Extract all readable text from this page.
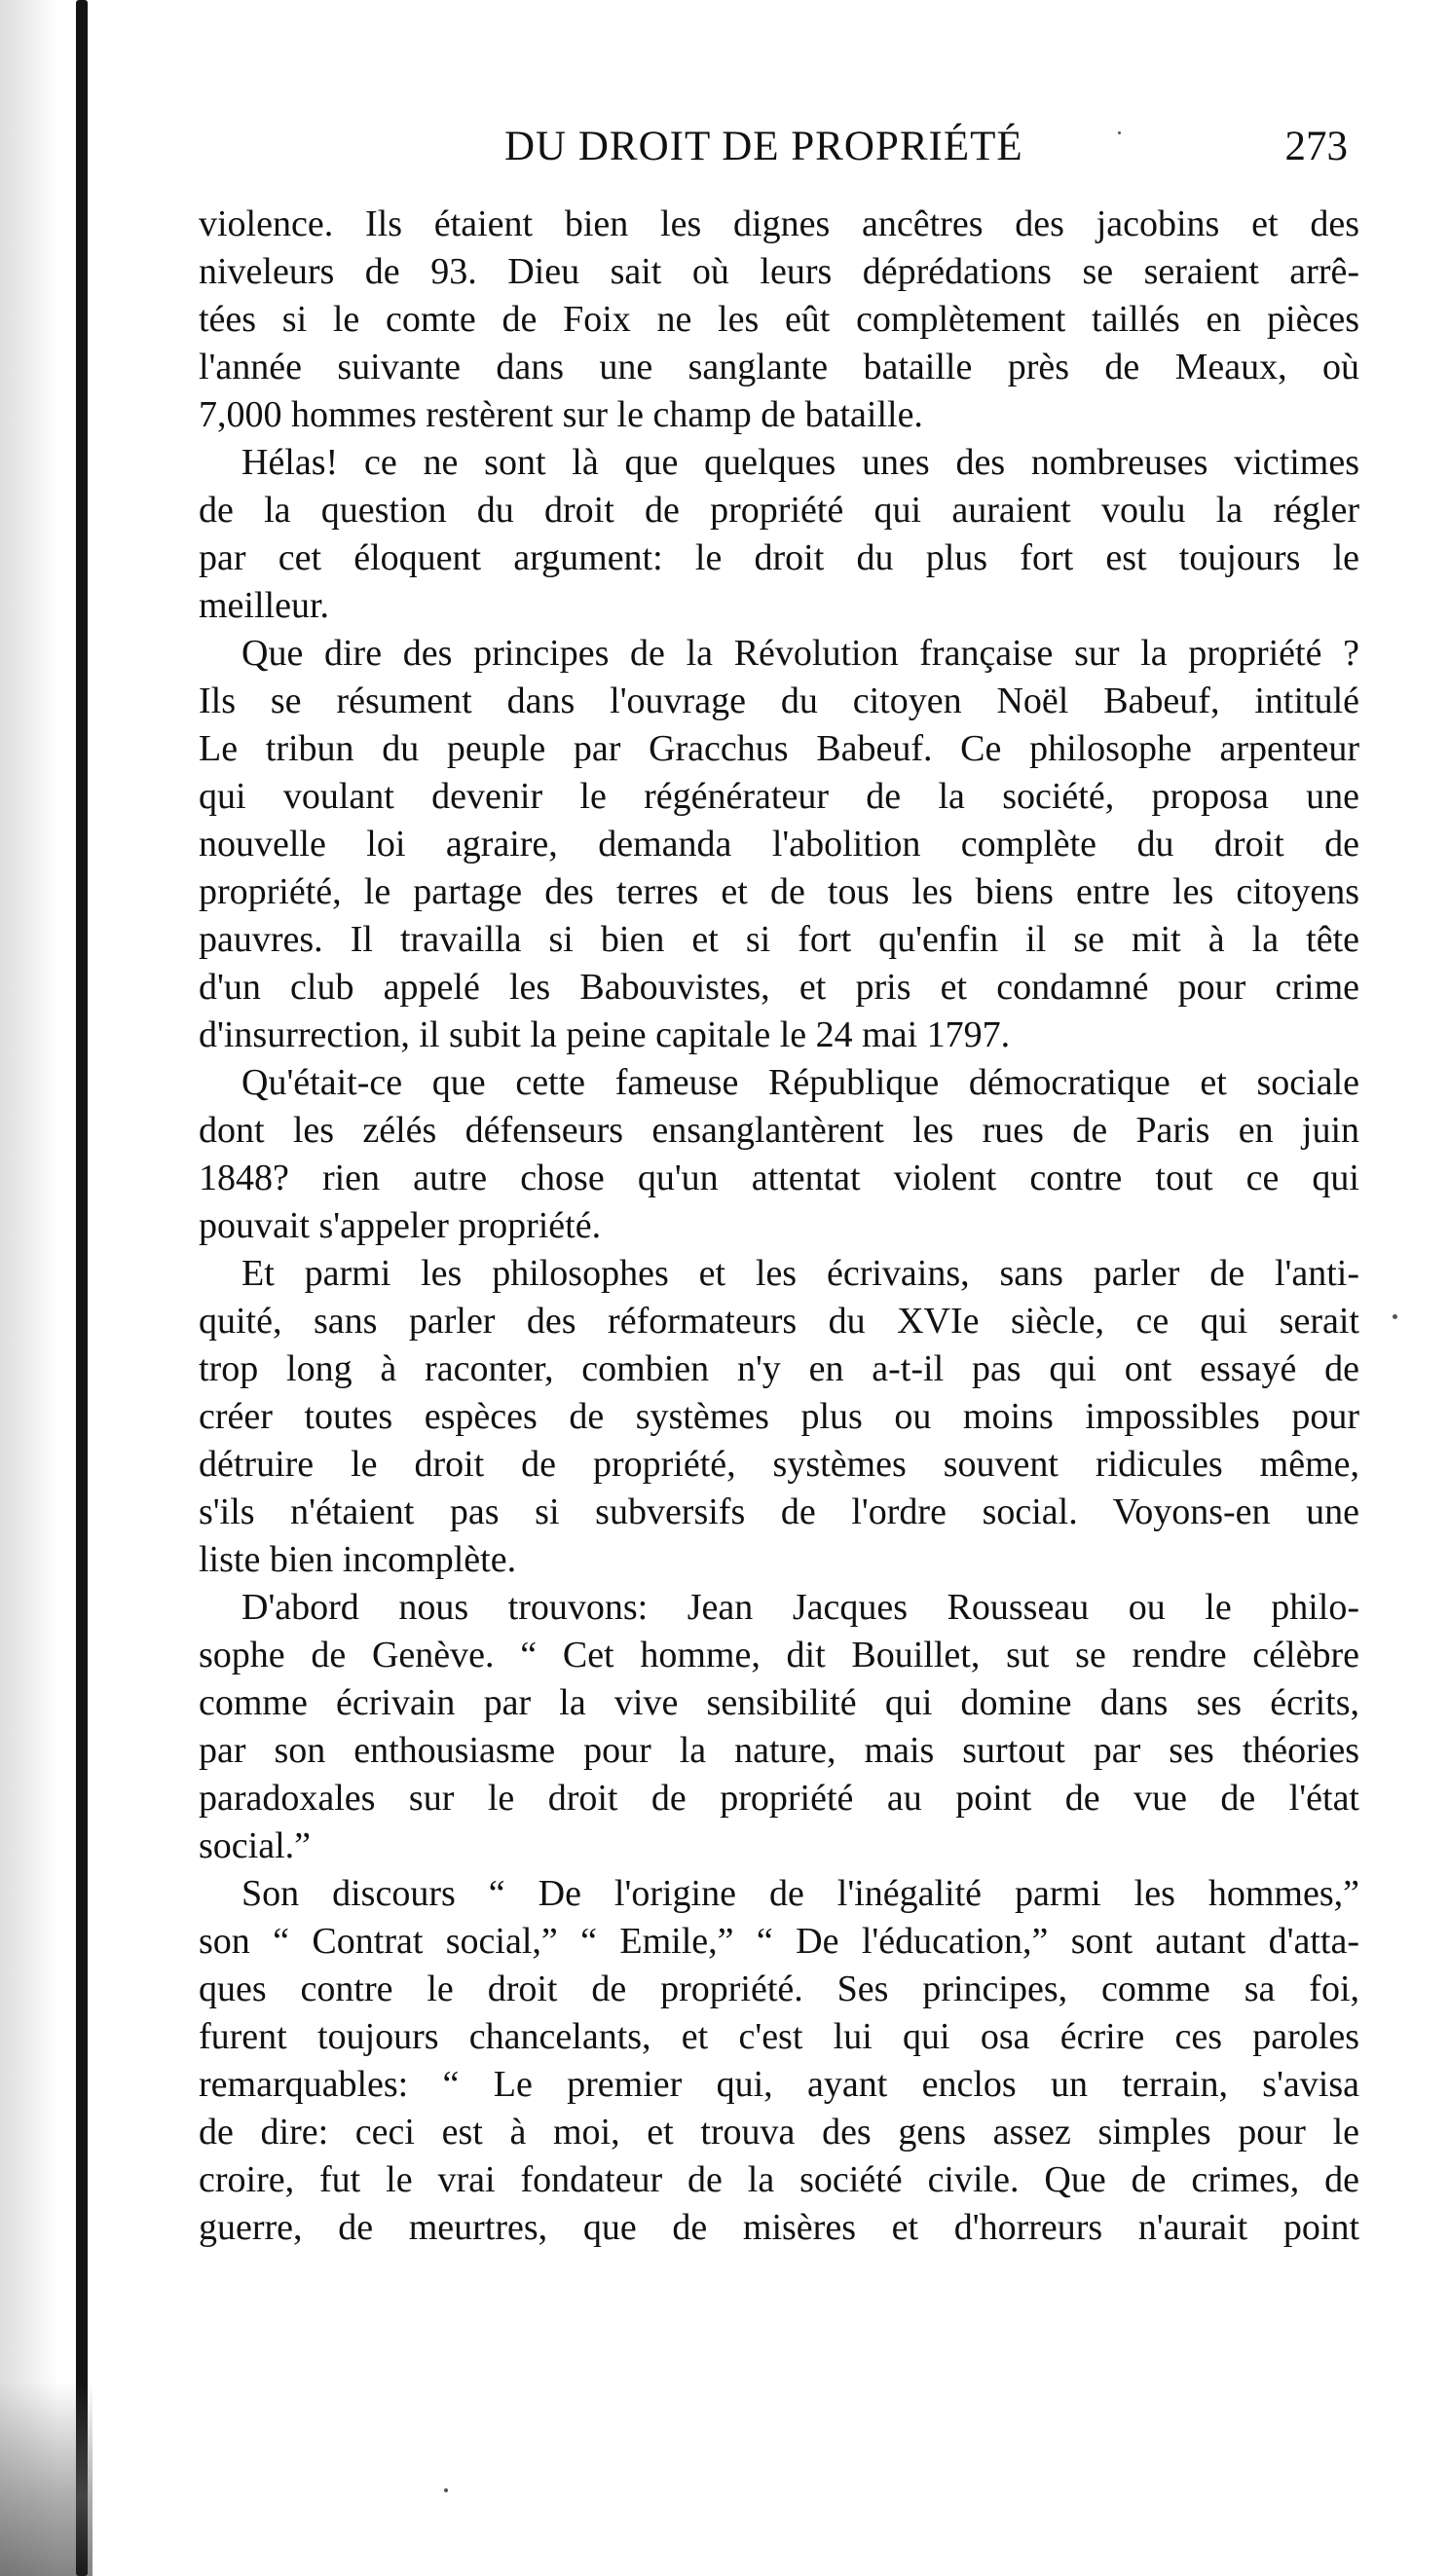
DU DROIT DE PROPRIÉTÉ	273
violence. Ils étaient bien les dignes ancêtres des jacobins et des
niveleurs de 93. Dieu sait où leurs déprédations se seraient arrê-
tées si le comte de Foix ne les eût complètement taillés en pièces
l'année suivante dans une sanglante bataille près de Meaux, où
7,000 hommes restèrent sur le champ de bataille.
Hélas! ce ne sont là que quelques unes des nombreuses victimes
de la question du droit de propriété qui auraient voulu la régler
par cet éloquent argument: le droit du plus fort est toujours le
meilleur.
Que dire des principes de la Révolution française sur la propriété ?
Ils se résument dans l'ouvrage du citoyen Noël Babeuf, intitulé
Le tribun du peuple par Gracchus Babeuf. Ce philosophe arpenteur
qui voulant devenir le régénérateur de la société, proposa une
nouvelle loi agraire, demanda l'abolition complète du droit de
propriété, le partage des terres et de tous les biens entre les citoyens
pauvres. Il travailla si bien et si fort qu'enfin il se mit à la tête
d'un club appelé les Babouvistes, et pris et condamné pour crime
d'insurrection, il subit la peine capitale le 24 mai 1797.
Qu'était-ce que cette fameuse République démocratique et sociale
dont les zélés défenseurs ensanglantèrent les rues de Paris en juin
1848? rien autre chose qu'un attentat violent contre tout ce qui
pouvait s'appeler propriété.
Et parmi les philosophes et les écrivains, sans parler de l'anti-
quité, sans parler des réformateurs du XVIe siècle, ce qui serait
trop long à raconter, combien n'y en a-t-il pas qui ont essayé de
créer toutes espèces de systèmes plus ou moins impossibles pour
détruire le droit de propriété, systèmes souvent ridicules même,
s'ils n'étaient pas si subversifs de l'ordre social. Voyons-en une
liste bien incomplète.
D'abord nous trouvons: Jean Jacques Rousseau ou le philo-
sophe de Genève. “ Cet homme, dit Bouillet, sut se rendre célèbre
comme écrivain par la vive sensibilité qui domine dans ses écrits,
par son enthousiasme pour la nature, mais surtout par ses théories
paradoxales sur le droit de propriété au point de vue de l'état
social.”
Son discours “ De l'origine de l'inégalité parmi les hommes,”
son “ Contrat social,” “ Emile,” “ De l'éducation,” sont autant d'atta-
ques contre le droit de propriété. Ses principes, comme sa foi,
furent toujours chancelants, et c'est lui qui osa écrire ces paroles
remarquables: “ Le premier qui, ayant enclos un terrain, s'avisa
de dire: ceci est à moi, et trouva des gens assez simples pour le
croire, fut le vrai fondateur de la société civile. Que de crimes, de
guerre, de meurtres, que de misères et d'horreurs n'aurait point
